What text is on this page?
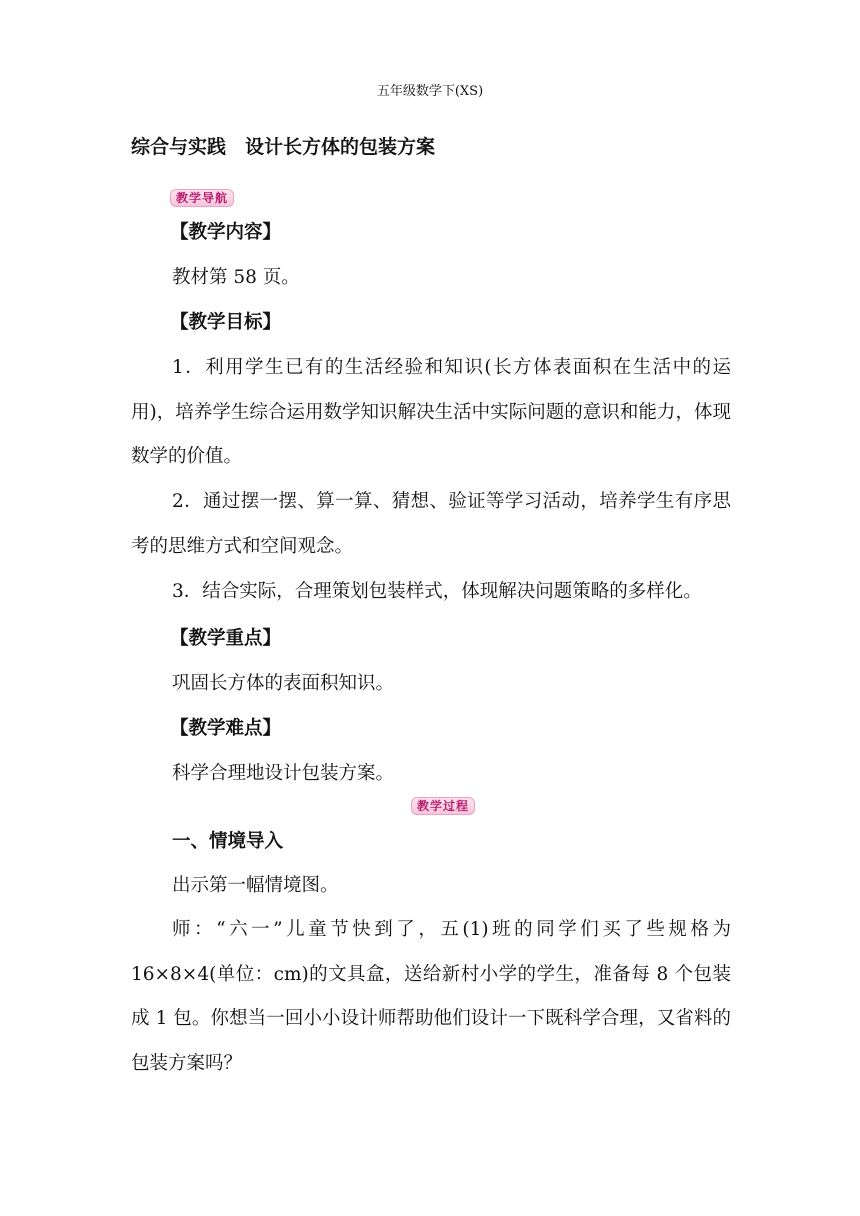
五年级数学下(XS)
综合与实践　设计长方体的包装方案
教学导航
【教学内容】
教材第 58 页。
【教学目标】
1．利用学生已有的生活经验和知识(长方体表面积在生活中的运用)，培养学生综合运用数学知识解决生活中实际问题的意识和能力，体现数学的价值。
2．通过摆一摆、算一算、猜想、验证等学习活动，培养学生有序思考的思维方式和空间观念。
3．结合实际，合理策划包装样式，体现解决问题策略的多样化。
【教学重点】
巩固长方体的表面积知识。
【教学难点】
科学合理地设计包装方案。
教学过程
一、情境导入
出示第一幅情境图。
师：“六一”儿童节快到了，五(1)班的同学们买了些规格为 16×8×4(单位：cm)的文具盒，送给新村小学的学生，准备每 8 个包装成 1 包。你想当一回小小设计师帮助他们设计一下既科学合理，又省料的包装方案吗？
